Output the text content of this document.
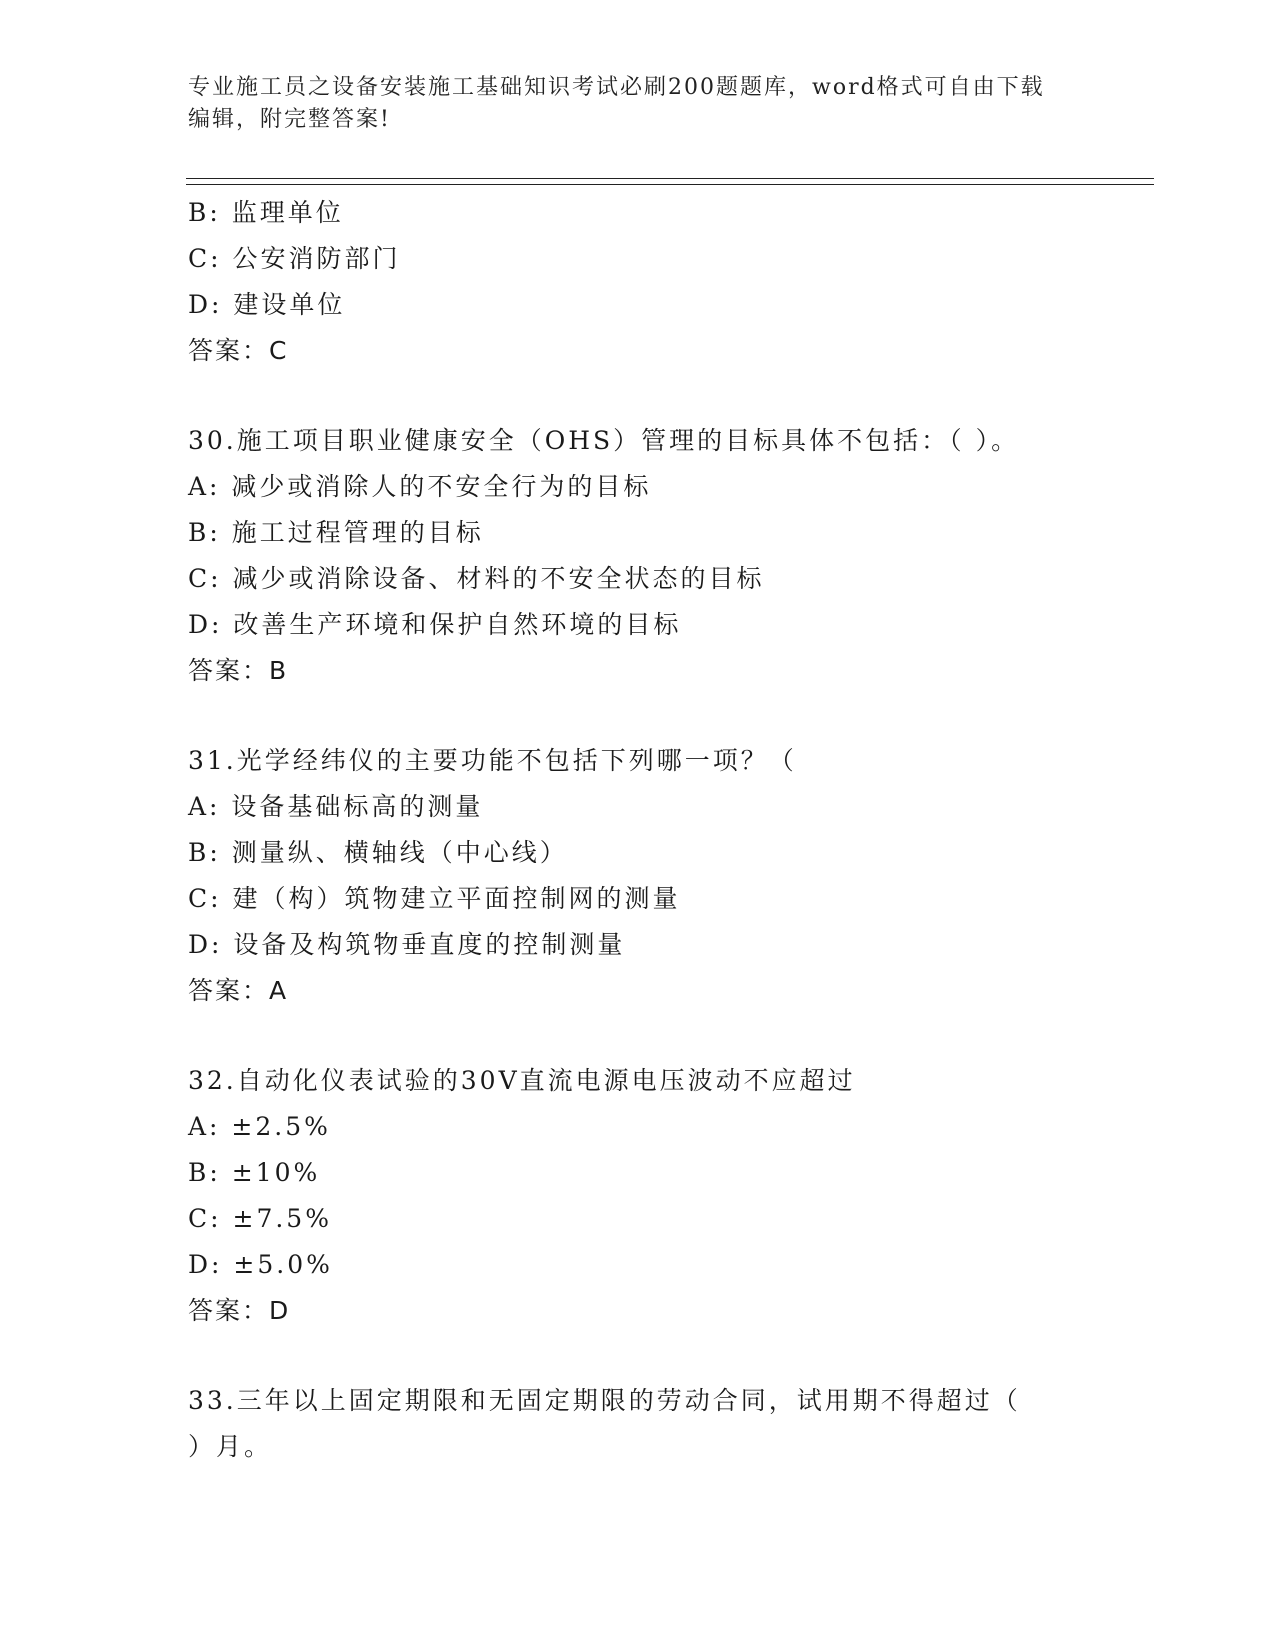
专业施工员之设备安装施工基础知识考试必刷200题题库，word格式可自由下载
编辑，附完整答案!
B: 监理单位
C: 公安消防部门
D: 建设单位
答案：C
30.施工项目职业健康安全（OHS）管理的目标具体不包括：（ ）。
A: 减少或消除人的不安全行为的目标
B: 施工过程管理的目标
C: 减少或消除设备、材料的不安全状态的目标
D: 改善生产环境和保护自然环境的目标
答案：B
31.光学经纬仪的主要功能不包括下列哪一项？（
A: 设备基础标高的测量
B: 测量纵、横轴线（中心线）
C: 建（构）筑物建立平面控制网的测量
D: 设备及构筑物垂直度的控制测量
答案：A
32.自动化仪表试验的30V直流电源电压波动不应超过
A: ±2.5%
B: ±10%
C: ±7.5%
D: ±5.0%
答案：D
33.三年以上固定期限和无固定期限的劳动合同，试用期不得超过（
）月。
